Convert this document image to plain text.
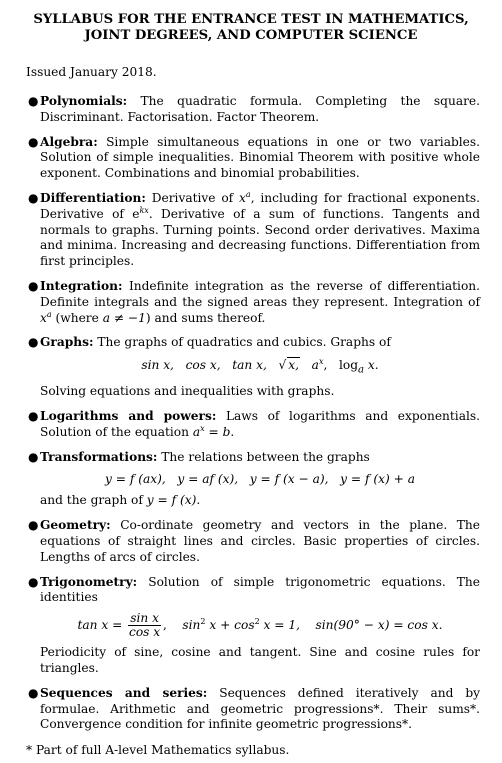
SYLLABUS FOR THE ENTRANCE TEST IN MATHEMATICS,
JOINT DEGREES, AND COMPUTER SCIENCE

Issued January 2018.

● Polynomials: The quadratic formula. Completing the square. Discriminant. Factorisation. Factor Theorem.
● Algebra: Simple simultaneous equations in one or two variables. Solution of simple inequalities. Binomial Theorem with positive whole exponent. Combinations and binomial probabilities.
● Differentiation: Derivative of $x^a$, including for fractional exponents. Derivative of $e^{kx}$. Derivative of a sum of functions. Tangents and normals to graphs. Turning points. Second order derivatives. Maxima and minima. Increasing and decreasing functions. Differentiation from first principles.
● Integration: Indefinite integration as the reverse of differentiation. Definite integrals and the signed areas they represent. Integration of $x^a$ (where a ≠ −1) and sums thereof.
● Graphs: The graphs of quadratics and cubics. Graphs of
sin x, cos x, tan x, √ x, $a^x$, $\log_a x$.
Solving equations and inequalities with graphs.
● Logarithms and powers: Laws of logarithms and exponentials. Solution of the equation $a^x = b$.
● Transformations: The relations between the graphs
y = f (ax),   y = af (x),   y = f (x − a),   y = f (x) + a
and the graph of y = f (x).
● Geometry: Co-ordinate geometry and vectors in the plane. The equations of straight lines and circles. Basic properties of circles. Lengths of arcs of circles.
● Trigonometry: Solution of simple trigonometric equations. The identities
$\tan x = \frac{\text{sin x}}{\text{cos x}}$ , $\sin^2 x + \cos^2 x = 1$, sin(90° − x) = cos x.
Periodicity of sine, cosine and tangent. Sine and cosine rules for triangles.
● Sequences and series: Sequences defined iteratively and by formulae. Arithmetic and geometric progressions*. Their sums*. Convergence condition for infinite geometric progressions*.

* Part of full A-level Mathematics syllabus.
